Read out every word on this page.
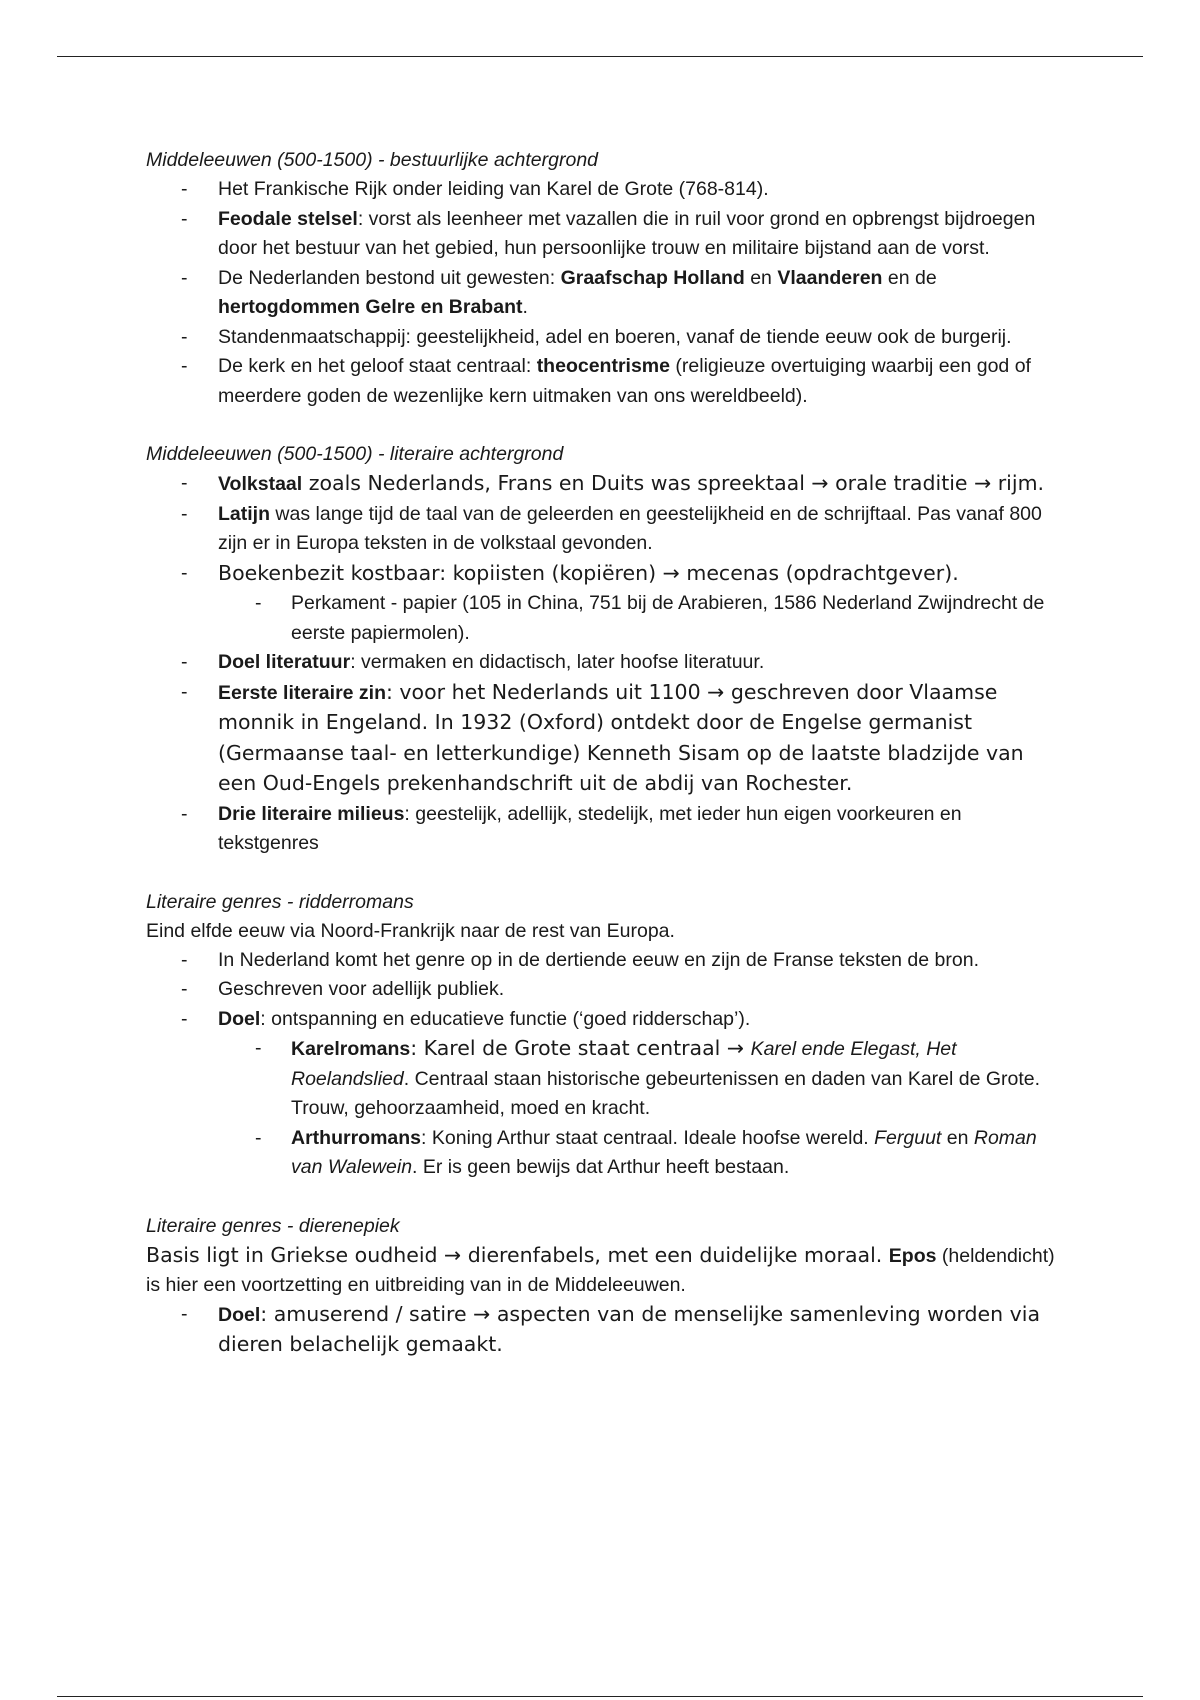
Middeleeuwen (500-1500) - bestuurlijke achtergrond
- Het Frankische Rijk onder leiding van Karel de Grote (768-814).
- Feodale stelsel: vorst als leenheer met vazallen die in ruil voor grond en opbrengst bijdroegen door het bestuur van het gebied, hun persoonlijke trouw en militaire bijstand aan de vorst.
- De Nederlanden bestond uit gewesten: Graafschap Holland en Vlaanderen en de hertogdommen Gelre en Brabant.
- Standenmaatschappij: geestelijkheid, adel en boeren, vanaf de tiende eeuw ook de burgerij.
- De kerk en het geloof staat centraal: theocentrisme (religieuze overtuiging waarbij een god of meerdere goden de wezenlijke kern uitmaken van ons wereldbeeld).
Middeleeuwen (500-1500) - literaire achtergrond
- Volkstaal zoals Nederlands, Frans en Duits was spreektaal → orale traditie → rijm.
- Latijn was lange tijd de taal van de geleerden en geestelijkheid en de schrijftaal. Pas vanaf 800 zijn er in Europa teksten in de volkstaal gevonden.
- Boekenbezit kostbaar: kopiisten (kopiëren) → mecenas (opdrachtgever).
- Perkament - papier (105 in China, 751 bij de Arabieren, 1586 Nederland Zwijndrecht de eerste papiermolen).
- Doel literatuur: vermaken en didactisch, later hoofse literatuur.
- Eerste literaire zin: voor het Nederlands uit 1100 → geschreven door Vlaamse monnik in Engeland. In 1932 (Oxford) ontdekt door de Engelse germanist (Germaanse taal- en letterkundige) Kenneth Sisam op de laatste bladzijde van een Oud-Engels prekenhandschrift uit de abdij van Rochester.
- Drie literaire milieus: geestelijk, adellijk, stedelijk, met ieder hun eigen voorkeuren en tekstgenres
Literaire genres - ridderromans
Eind elfde eeuw via Noord-Frankrijk naar de rest van Europa.
- In Nederland komt het genre op in de dertiende eeuw en zijn de Franse teksten de bron.
- Geschreven voor adellijk publiek.
- Doel: ontspanning en educatieve functie (‘goed ridderschap’).
- Karelromans: Karel de Grote staat centraal → Karel ende Elegast, Het Roelandslied. Centraal staan historische gebeurtenissen en daden van Karel de Grote. Trouw, gehoorzaamheid, moed en kracht.
- Arthurromans: Koning Arthur staat centraal. Ideale hoofse wereld. Ferguut en Roman van Walewein. Er is geen bewijs dat Arthur heeft bestaan.
Literaire genres - dierenepiek
Basis ligt in Griekse oudheid → dierenfabels, met een duidelijke moraal. Epos (heldendicht) is hier een voortzetting en uitbreiding van in de Middeleeuwen.
- Doel: amuserend / satire → aspecten van de menselijke samenleving worden via dieren belachelijk gemaakt.
